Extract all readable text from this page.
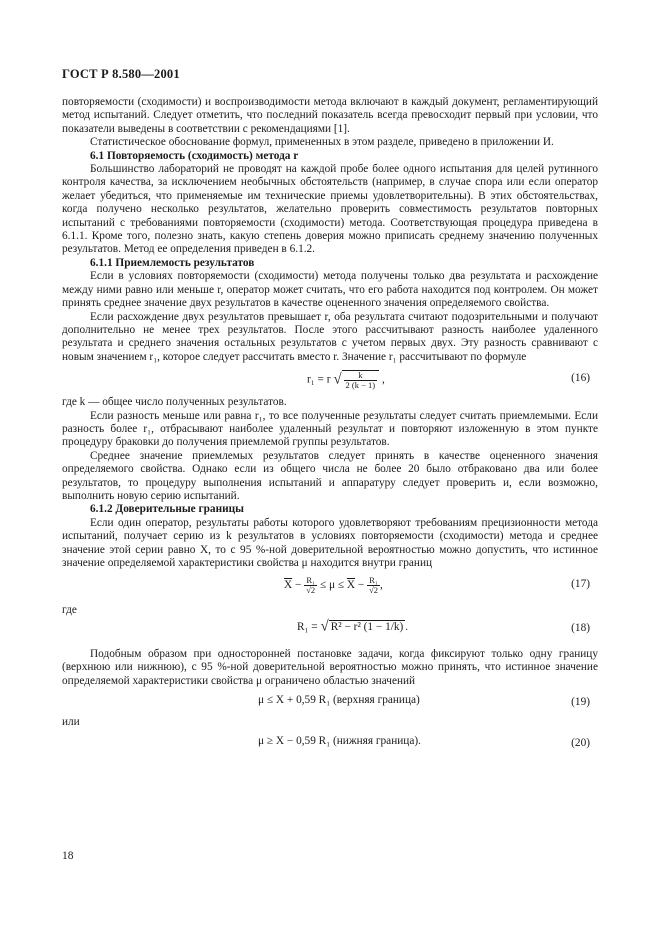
ГОСТ Р 8.580—2001

повторяемости (сходимости) и воспроизводимости метода включают в каждый документ, регламентирующий метод испытаний. Следует отметить, что последний показатель всегда превосходит первый при условии, что показатели выведены в соответствии с рекомендациями [1].

Статистическое обоснование формул, примененных в этом разделе, приведено в приложении И.

6.1 Повторяемость (сходимость) метода r

Большинство лабораторий не проводят на каждой пробе более одного испытания для целей рутинного контроля качества, за исключением необычных обстоятельств (например, в случае спора или если оператор желает убедиться, что применяемые им технические приемы удовлетворительны). В этих обстоятельствах, когда получено несколько результатов, желательно проверить совместимость результатов повторных испытаний с требованиями повторяемости (сходимости) метода. Соответствующая процедура приведена в 6.1.1. Кроме того, полезно знать, какую степень доверия можно приписать среднему значению полученных результатов. Метод ее определения приведен в 6.1.2.

6.1.1 Приемлемость результатов

Если в условиях повторяемости (сходимости) метода получены только два результата и расхождение между ними равно или меньше r, оператор может считать, что его работа находится под контролем. Он может принять среднее значение двух результатов в качестве оцененного значения определяемого свойства.

Если расхождение двух результатов превышает r, оба результата считают подозрительными и получают дополнительно не менее трех результатов. После этого рассчитывают разность наиболее удаленного результата и среднего значения остальных результатов с учетом первых двух. Эту разность сравнивают с новым значением r₁, которое следует рассчитать вместо r. Значение r₁ рассчитывают по формуле

r₁ = r √ $\frac{k}{2 (k - 1)}$ ,	(16)

где k — общее число полученных результатов.

Если разность меньше или равна r₁, то все полученные результаты следует считать приемлемыми. Если разность более r₁, отбрасывают наиболее удаленный результат и повторяют изложенную в этом пункте процедуру браковки до получения приемлемой группы результатов.

Среднее значение приемлемых результатов следует принять в качестве оцененного значения определяемого свойства. Однако если из общего числа не более 20 было отбраковано два или более результатов, то процедуру выполнения испытаний и аппаратуру следует проверить и, если возможно, выполнить новую серию испытаний.

6.1.2 Доверительные границы

Если один оператор, результаты работы которого удовлетворяют требованиям прецизионности метода испытаний, получает серию из k результатов в условиях повторяемости (сходимости) метода и среднее значение этой серии равно X, то с 95 %-ной доверительной вероятностью можно допустить, что истинное значение определяемой характеристики свойства μ находится внутри границ

$\overline{X} - \frac{\text{R₁}}{√2} \le \mu \le \overline{X} - \frac{\text{R₁}}{√2}$ ,	(17)

где

R₁ = √ R² − r² (1 − 1/k) .	(18)

Подобным образом при односторонней постановке задачи, когда фиксируют только одну границу (верхнюю или нижнюю), с 95 %-ной доверительной вероятностью можно принять, что истинное значение определяемой характеристики свойства μ ограничено областью значений

μ ≤ X + 0,59 R₁ (верхняя граница)	(19)

или

μ ≥ X − 0,59 R₁ (нижняя граница).	(20)
18
